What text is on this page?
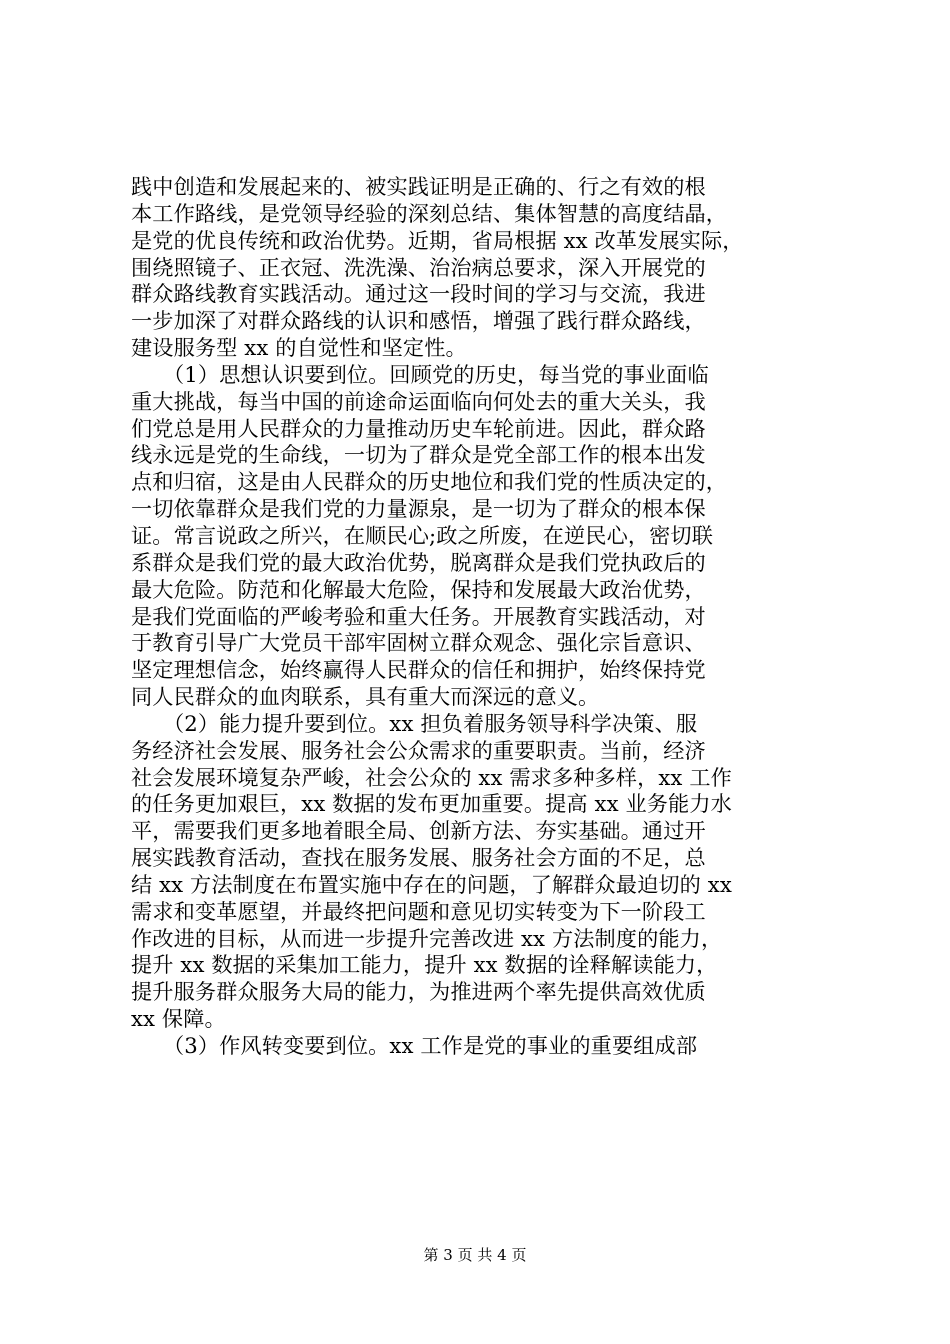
践中创造和发展起来的、被实践证明是正确的、行之有效的根
本工作路线，是党领导经验的深刻总结、集体智慧的高度结晶，
是党的优良传统和政治优势。近期，省局根据 xx 改革发展实际，
围绕照镜子、正衣冠、洗洗澡、治治病总要求，深入开展党的
群众路线教育实践活动。通过这一段时间的学习与交流，我进
一步加深了对群众路线的认识和感悟，增强了践行群众路线，
建设服务型 xx 的自觉性和坚定性。
　　（1）思想认识要到位。回顾党的历史，每当党的事业面临
重大挑战，每当中国的前途命运面临向何处去的重大关头，我
们党总是用人民群众的力量推动历史车轮前进。因此，群众路
线永远是党的生命线，一切为了群众是党全部工作的根本出发
点和归宿，这是由人民群众的历史地位和我们党的性质决定的，
一切依靠群众是我们党的力量源泉，是一切为了群众的根本保
证。常言说政之所兴，在顺民心;政之所废，在逆民心，密切联
系群众是我们党的最大政治优势，脱离群众是我们党执政后的
最大危险。防范和化解最大危险，保持和发展最大政治优势，
是我们党面临的严峻考验和重大任务。开展教育实践活动，对
于教育引导广大党员干部牢固树立群众观念、强化宗旨意识、
坚定理想信念，始终赢得人民群众的信任和拥护，始终保持党
同人民群众的血肉联系，具有重大而深远的意义。
　　（2）能力提升要到位。xx 担负着服务领导科学决策、服
务经济社会发展、服务社会公众需求的重要职责。当前，经济
社会发展环境复杂严峻，社会公众的 xx 需求多种多样，xx 工作
的任务更加艰巨，xx 数据的发布更加重要。提高 xx 业务能力水
平，需要我们更多地着眼全局、创新方法、夯实基础。通过开
展实践教育活动，查找在服务发展、服务社会方面的不足，总
结 xx 方法制度在布置实施中存在的问题，了解群众最迫切的 xx
需求和变革愿望，并最终把问题和意见切实转变为下一阶段工
作改进的目标，从而进一步提升完善改进 xx 方法制度的能力，
提升 xx 数据的采集加工能力，提升 xx 数据的诠释解读能力，
提升服务群众服务大局的能力，为推进两个率先提供高效优质
xx 保障。
　　（3）作风转变要到位。xx 工作是党的事业的重要组成部
第 3 页 共 4 页
